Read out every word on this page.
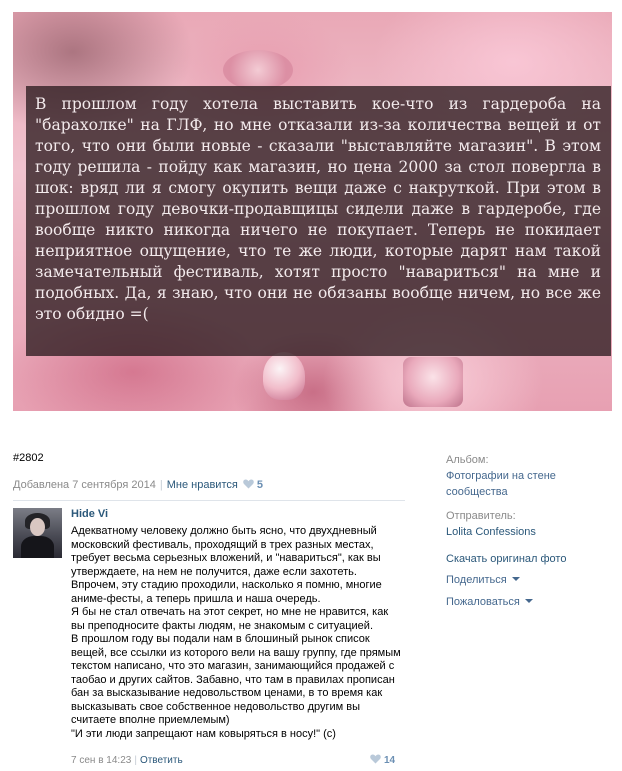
В прошлом году хотела выставить кое-что из гардероба на "барахолке" на ГЛФ, но мне отказали из-за количества вещей и от того, что они были новые - сказали "выставляйте магазин". В этом году решила - пойду как магазин, но цена 2000 за стол повергла в шок: вряд ли я смогу окупить вещи даже с накруткой. При этом в прошлом году девочки-продавщицы сидели даже в гардеробе, где вообще никто никогда ничего не покупает. Теперь не покидает неприятное ощущение, что те же люди, которые дарят нам такой замечательный фестиваль, хотят просто "навариться" на мне и подобных. Да, я знаю, что они не обязаны вообще ничем, но все же это обидно =(

#2802
Добавлена 7 сентября 2014 | Мне нравится 5
Hide Vi

Адекватному человеку должно быть ясно, что двухдневный московский фестиваль, проходящий в трех разных местах, требует весьма серьезных вложений, и "навариться", как вы утверждаете, на нем не получится, даже если захотеть.
Впрочем, эту стадию проходили, насколько я помню, многие аниме-фесты, а теперь пришла и наша очередь.
Я бы не стал отвечать на этот секрет, но мне не нравится, как вы преподносите факты людям, не знакомым с ситуацией.
В прошлом году вы подали нам в блошиный рынок список вещей, все ссылки из которого вели на вашу группу, где прямым текстом написано, что это магазин, занимающийся продажей с таобао и других сайтов. Забавно, что там в правилах прописан бан за высказывание недовольством ценами, в то время как высказывать свое собственное недовольство другим вы считаете вполне приемлемым)
"И эти люди запрещают нам ковыряться в носу!" (с)

7 сен в 14:23 | Ответить	14
Альбом:
Фотографии на стене сообщества
Отправитель:
Lolita Confessions
Скачать оригинал фото
Поделиться
Пожаловаться
